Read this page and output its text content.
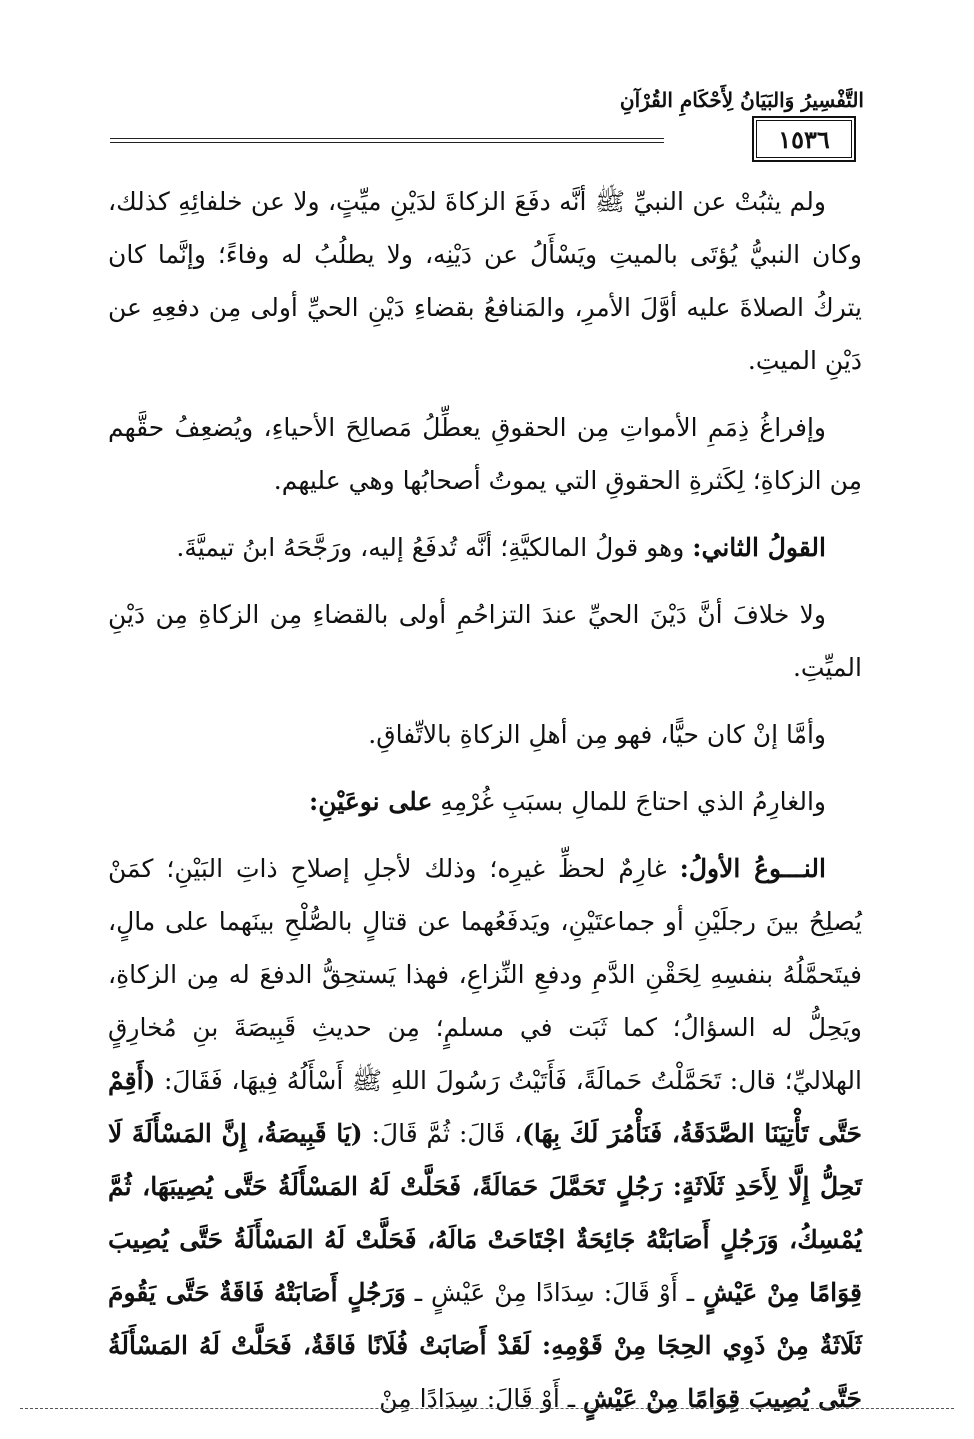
التَّفْسِيرُ وَالبَيَانُ لِأَحْكَامِ القُرْآنِ
١٥٣٦

ولم يثبُتْ عن النبيِّ ﷺ أنَّه دفَعَ الزكاةَ لدَيْنِ ميِّتٍ، ولا عن خلفائِهِ كذلك، وكان النبيُّ يُؤتَى بالميتِ ويَسْأَلُ عن دَيْنِه، ولا يطلُبُ له وفاءً؛ وإنَّما كان يتركُ الصلاةَ عليه أوَّلَ الأمرِ، والمَنافعُ بقضاءِ دَيْنِ الحيِّ أولى مِن دفعِهِ عن دَيْنِ الميتِ.

وإفراغُ ذِمَمِ الأمواتِ مِن الحقوقِ يعطِّلُ مَصالِحَ الأحياءِ، ويُضعِفُ حقَّهم مِن الزكاةِ؛ لِكَثرةِ الحقوقِ التي يموتُ أصحابُها وهي عليهم.

القولُ الثاني: وهو قولُ المالكيَّةِ؛ أنَّه تُدفَعُ إليه، ورَجَّحَهُ ابنُ تيميَّةَ.

ولا خلافَ أنَّ دَيْنَ الحيِّ عندَ التزاحُمِ أولى بالقضاءِ مِن الزكاةِ مِن دَيْنِ الميِّتِ.

وأمَّا إنْ كان حيًّا، فهو مِن أهلِ الزكاةِ بالاتِّفاقِ.

والغارِمُ الذي احتاجَ للمالِ بسبَبِ غُرْمِهِ على نوعَيْنِ:

النـــوعُ الأولُ: غارِمٌ لحظِّ غيرِه؛ وذلك لأجلِ إصلاحِ ذاتِ البَيْنِ؛ كمَنْ يُصلِحُ بينَ رجلَيْنِ أو جماعتَيْنِ، ويَدفَعُهما عن قتالٍ بالصُّلْحِ بينَهما على مالٍ، فيتَحمَّلُهُ بنفسِهِ لِحَقْنِ الدَّمِ ودفعِ النِّزاعِ، فهذا يَستحِقُّ الدفعَ له مِن الزكاةِ، ويَحِلُّ له السؤالُ؛ كما ثَبَت في مسلمٍ؛ مِن حديثِ قَبِيصَةَ بنِ مُخارِقٍ الهلاليِّ؛ قال: تَحَمَّلْتُ حَمالَةً، فَأَتَيْتُ رَسُولَ اللهِ ﷺ أَسْأَلُهُ فِيهَا، فَقَالَ: (أَقِمْ حَتَّى تَأْتِيَنَا الصَّدَقَةُ، فَنَأْمُرَ لَكَ بِهَا)، قَالَ: ثُمَّ قَالَ: (يَا قَبِيصَةُ، إِنَّ المَسْأَلَةَ لَا تَحِلُّ إِلَّا لِأَحَدِ ثَلَاثَةٍ: رَجُلٍ تَحَمَّلَ حَمَالَةً، فَحَلَّتْ لَهُ المَسْأَلَةُ حَتَّى يُصِيبَهَا، ثُمَّ يُمْسِكُ، وَرَجُلٍ أَصَابَتْهُ جَائِحَةٌ اجْتَاحَتْ مَالَهُ، فَحَلَّتْ لَهُ المَسْأَلَةُ حَتَّى يُصِيبَ قِوَامًا مِنْ عَيْشٍ ـ أَوْ قَالَ: سِدَادًا مِنْ عَيْشٍ ـ وَرَجُلٍ أَصَابَتْهُ فَاقَةٌ حَتَّى يَقُومَ ثَلَاثَةٌ مِنْ ذَوِي الحِجَا مِنْ قَوْمِهِ: لَقَدْ أَصَابَتْ فُلَانًا فَاقَةٌ، فَحَلَّتْ لَهُ المَسْأَلَةُ حَتَّى يُصِيبَ قِوَامًا مِنْ عَيْشٍ ـ أَوْ قَالَ: سِدَادًا مِنْ
